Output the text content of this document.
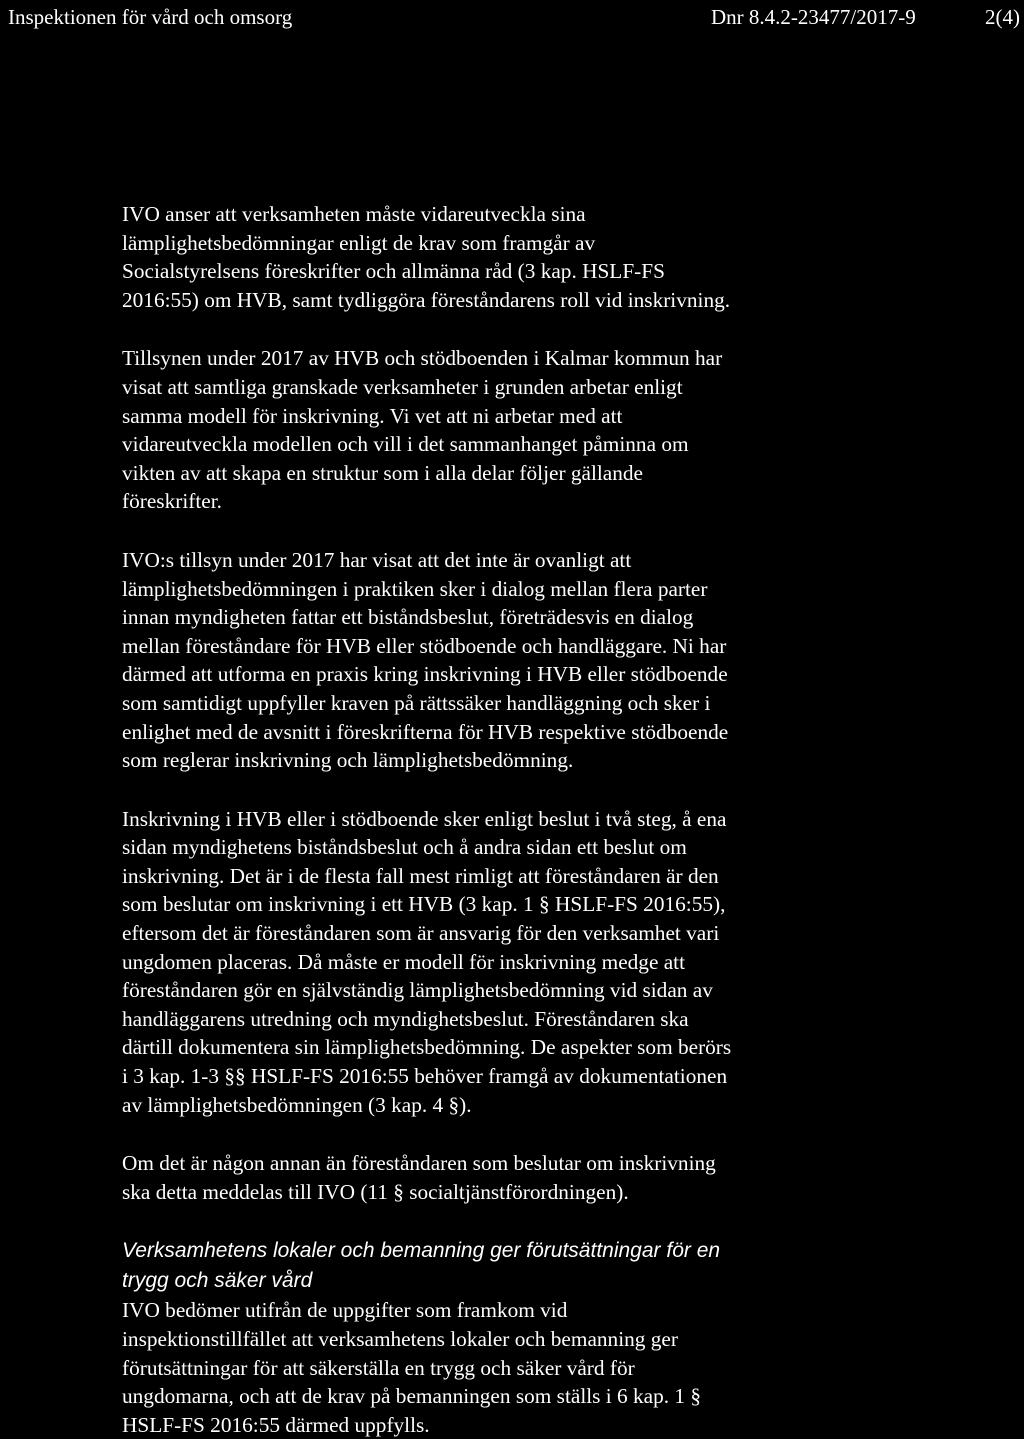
Inspektionen för vård och omsorg	Dnr 8.4.2-23477/2017-9	2(4)

IVO anser att verksamheten måste vidareutveckla sina
lämplighetsbedömningar enligt de krav som framgår av
Socialstyrelsens föreskrifter och allmänna råd (3 kap. HSLF-FS
2016:55) om HVB, samt tydliggöra föreståndarens roll vid inskrivning.

Tillsynen under 2017 av HVB och stödboenden i Kalmar kommun har
visat att samtliga granskade verksamheter i grunden arbetar enligt
samma modell för inskrivning. Vi vet att ni arbetar med att
vidareutveckla modellen och vill i det sammanhanget påminna om
vikten av att skapa en struktur som i alla delar följer gällande
föreskrifter.

IVO:s tillsyn under 2017 har visat att det inte är ovanligt att
lämplighetsbedömningen i praktiken sker i dialog mellan flera parter
innan myndigheten fattar ett biståndsbeslut, företrädesvis en dialog
mellan föreståndare för HVB eller stödboende och handläggare. Ni har
därmed att utforma en praxis kring inskrivning i HVB eller stödboende
som samtidigt uppfyller kraven på rättssäker handläggning och sker i
enlighet med de avsnitt i föreskrifterna för HVB respektive stödboende
som reglerar inskrivning och lämplighetsbedömning.

Inskrivning i HVB eller i stödboende sker enligt beslut i två steg, å ena
sidan myndighetens biståndsbeslut och å andra sidan ett beslut om
inskrivning. Det är i de flesta fall mest rimligt att föreståndaren är den
som beslutar om inskrivning i ett HVB (3 kap. 1 § HSLF-FS 2016:55),
eftersom det är föreståndaren som är ansvarig för den verksamhet vari
ungdomen placeras. Då måste er modell för inskrivning medge att
föreståndaren gör en självständig lämplighetsbedömning vid sidan av
handläggarens utredning och myndighetsbeslut. Föreståndaren ska
därtill dokumentera sin lämplighetsbedömning. De aspekter som berörs
i 3 kap. 1-3 §§ HSLF-FS 2016:55 behöver framgå av dokumentationen
av lämplighetsbedömningen (3 kap. 4 §).

Om det är någon annan än föreståndaren som beslutar om inskrivning
ska detta meddelas till IVO (11 § socialtjänstförordningen).

Verksamhetens lokaler och bemanning ger förutsättningar för en
trygg och säker vård

IVO bedömer utifrån de uppgifter som framkom vid
inspektionstillfället att verksamhetens lokaler och bemanning ger
förutsättningar för att säkerställa en trygg och säker vård för
ungdomarna, och att de krav på bemanningen som ställs i 6 kap. 1 §
HSLF-FS 2016:55 därmed uppfylls.
